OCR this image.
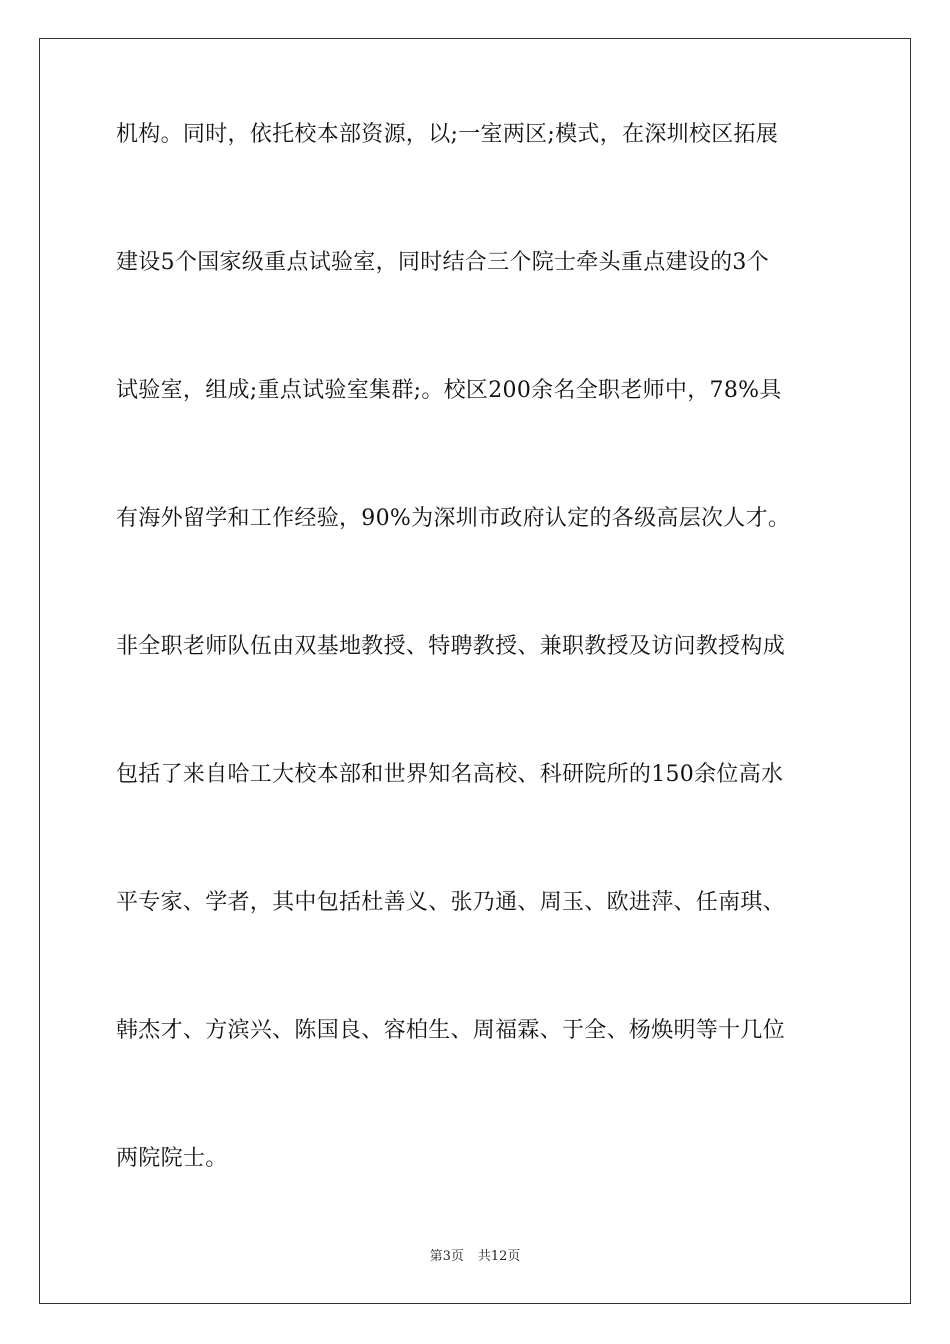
机构。同时，依托校本部资源，以;一室两区;模式，在深圳校区拓展
建设5个国家级重点试验室，同时结合三个院士牵头重点建设的3个
试验室，组成;重点试验室集群;。校区200余名全职老师中，78%具
有海外留学和工作经验，90%为深圳市政府认定的各级高层次人才。
非全职老师队伍由双基地教授、特聘教授、兼职教授及访问教授构成
包括了来自哈工大校本部和世界知名高校、科研院所的150余位高水
平专家、学者，其中包括杜善义、张乃通、周玉、欧进萍、任南琪、
韩杰才、方滨兴、陈国良、容柏生、周福霖、于全、杨焕明等十几位
两院院士。
第3页 共12页
